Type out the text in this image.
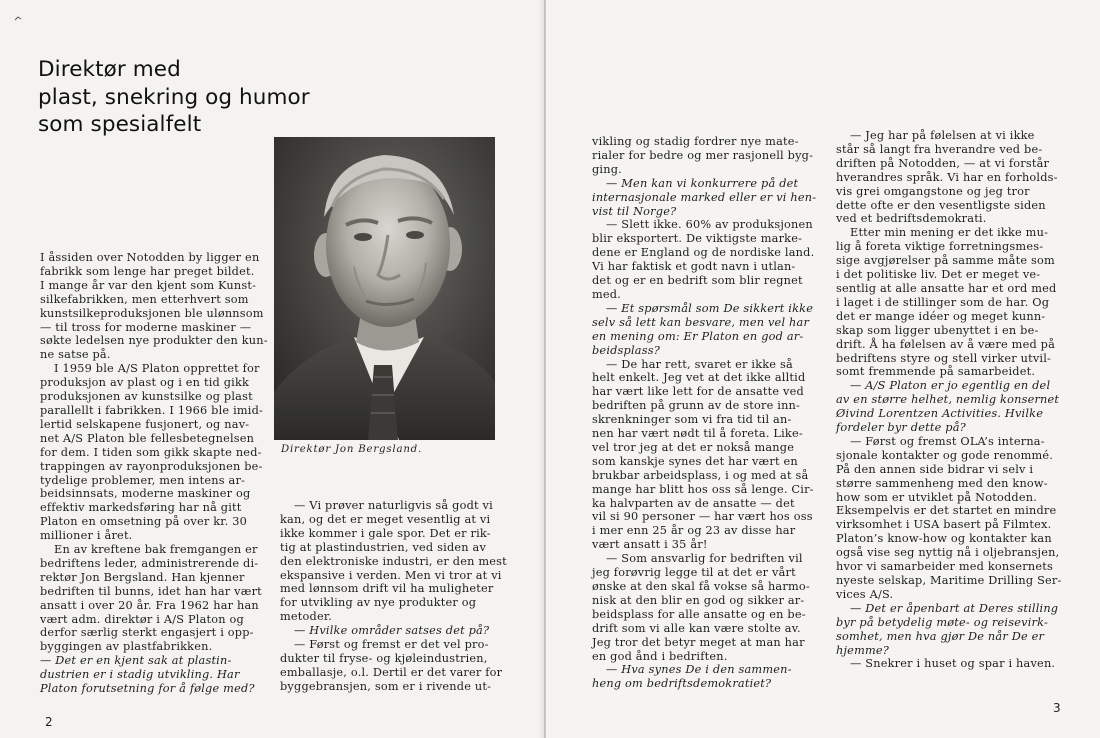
Direktør med
plast, snekring og humor
som spesialfelt
I åssiden over Notodden by ligger en
fabrikk som lenge har preget bildet.
I mange år var den kjent som Kunst-
silkefabrikken, men etterhvert som
kunstsilkeproduksjonen ble ulønnsom
— til tross for moderne maskiner —
søkte ledelsen nye produkter den kun-
ne satse på.
I 1959 ble A/S Platon opprettet for
produksjon av plast og i en tid gikk
produksjonen av kunstsilke og plast
parallellt i fabrikken. I 1966 ble imid-
lertid selskapene fusjonert, og nav-
net A/S Platon ble fellesbetegnelsen
for dem. I tiden som gikk skapte ned-
trappingen av rayonproduksjonen be-
tydelige problemer, men intens ar-
beidsinnsats, moderne maskiner og
effektiv markedsføring har nå gitt
Platon en omsetning på over kr. 30
millioner i året.
En av kreftene bak fremgangen er
bedriftens leder, administrerende di-
rektør Jon Bergsland. Han kjenner
bedriften til bunns, idet han har vært
ansatt i over 20 år. Fra 1962 har han
vært adm. direktør i A/S Platon og
derfor særlig sterkt engasjert i opp-
byggingen av plastfabrikken.
— Det er en kjent sak at plastin-
dustrien er i stadig utvikling. Har
Platon forutsetning for å følge med?
Direktør Jon Bergsland.
— Vi prøver naturligvis så godt vi
kan, og det er meget vesentlig at vi
ikke kommer i gale spor. Det er rik-
tig at plastindustrien, ved siden av
den elektroniske industri, er den mest
ekspansive i verden. Men vi tror at vi
med lønnsom drift vil ha muligheter
for utvikling av nye produkter og
metoder.
— Hvilke områder satses det på?
— Først og fremst er det vel pro-
dukter til fryse- og kjøleindustrien,
emballasje, o.l. Dertil er det varer for
byggebransjen, som er i rivende ut-
2
3
vikling og stadig fordrer nye mate-
rialer for bedre og mer rasjonell byg-
ging.
— Men kan vi konkurrere på det
internasjonale marked eller er vi hen-
vist til Norge?
— Slett ikke. 60% av produksjonen
blir eksportert. De viktigste marke-
dene er England og de nordiske land.
Vi har faktisk et godt navn i utlan-
det og er en bedrift som blir regnet
med.
— Et spørsmål som De sikkert ikke
selv så lett kan besvare, men vel har
en mening om: Er Platon en god ar-
beidsplass?
— De har rett, svaret er ikke så
helt enkelt. Jeg vet at det ikke alltid
har vært like lett for de ansatte ved
bedriften på grunn av de store inn-
skrenkninger som vi fra tid til an-
nen har vært nødt til å foreta. Like-
vel tror jeg at det er nokså mange
som kanskje synes det har vært en
brukbar arbeidsplass, i og med at så
mange har blitt hos oss så lenge. Cir-
ka halvparten av de ansatte — det
vil si 90 personer — har vært hos oss
i mer enn 25 år og 23 av disse har
vært ansatt i 35 år!
— Som ansvarlig for bedriften vil
jeg forøvrig legge til at det er vårt
ønske at den skal få vokse så harmo-
nisk at den blir en god og sikker ar-
beidsplass for alle ansatte og en be-
drift som vi alle kan være stolte av.
Jeg tror det betyr meget at man har
en god ånd i bedriften.
— Hva synes De i den sammen-
heng om bedriftsdemokratiet?
— Jeg har på følelsen at vi ikke
står så langt fra hverandre ved be-
driften på Notodden, — at vi forstår
hverandres språk. Vi har en forholds-
vis grei omgangstone og jeg tror
dette ofte er den vesentligste siden
ved et bedriftsdemokrati.
Etter min mening er det ikke mu-
lig å foreta viktige forretningsmes-
sige avgjørelser på samme måte som
i det politiske liv. Det er meget ve-
sentlig at alle ansatte har et ord med
i laget i de stillinger som de har. Og
det er mange idéer og meget kunn-
skap som ligger ubenyttet i en be-
drift. Å ha følelsen av å være med på
bedriftens styre og stell virker utvil-
somt fremmende på samarbeidet.
— A/S Platon er jo egentlig en del
av en større helhet, nemlig konsernet
Øivind Lorentzen Activities. Hvilke
fordeler byr dette på?
— Først og fremst OLA’s interna-
sjonale kontakter og gode renommé.
På den annen side bidrar vi selv i
større sammenheng med den know-
how som er utviklet på Notodden.
Eksempelvis er det startet en mindre
virksomhet i USA basert på Filmtex.
Platon’s know-how og kontakter kan
også vise seg nyttig nå i oljebransjen,
hvor vi samarbeider med konsernets
nyeste selskap, Maritime Drilling Ser-
vices A/S.
— Det er åpenbart at Deres stilling
byr på betydelig møte- og reisevirk-
somhet, men hva gjør De når De er
hjemme?
— Snekrer i huset og spar i haven.
